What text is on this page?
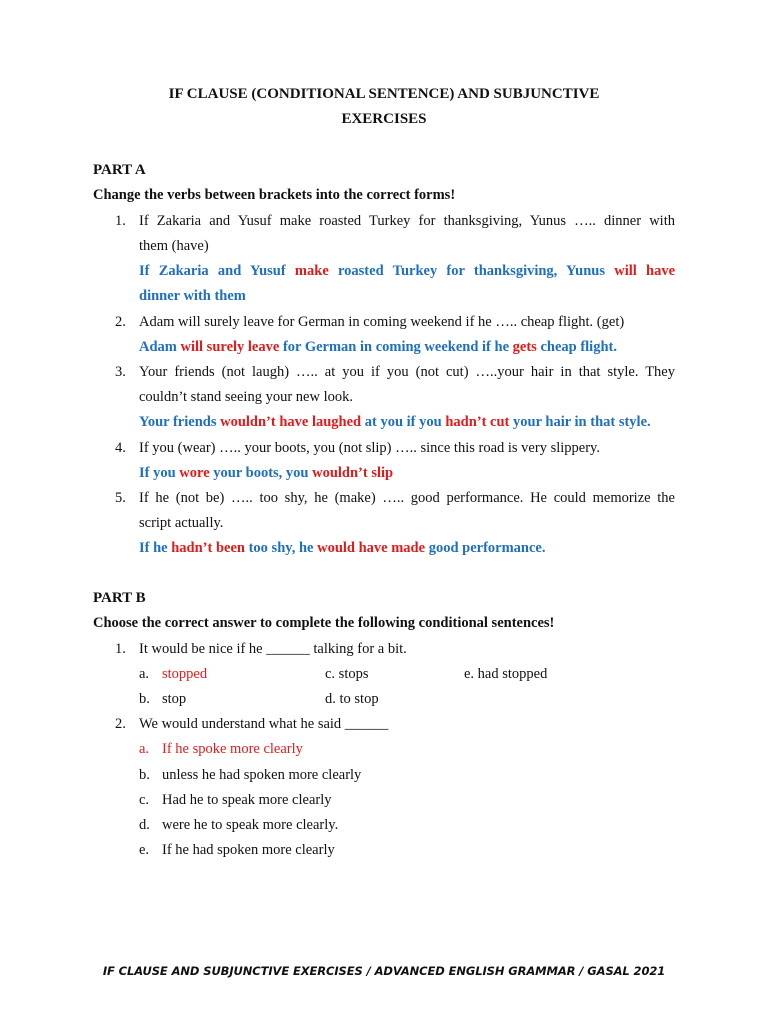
IF CLAUSE (CONDITIONAL SENTENCE) AND SUBJUNCTIVE
EXERCISES
PART A
Change the verbs between brackets into the correct forms!
1. If Zakaria and Yusuf make roasted Turkey for thanksgiving, Yunus ….. dinner with
them (have)
If Zakaria and Yusuf make roasted Turkey for thanksgiving, Yunus will have
dinner with them
2. Adam will surely leave for German in coming weekend if he ….. cheap flight. (get)
Adam will surely leave for German in coming weekend if he gets cheap flight.
3. Your friends (not laugh) ….. at you if you (not cut) …..your hair in that style. They
couldn’t stand seeing your new look.
Your friends wouldn’t have laughed at you if you hadn’t cut your hair in that style.
4. If you (wear) ….. your boots, you (not slip) ….. since this road is very slippery.
If you wore your boots, you wouldn’t slip
5. If he (not be) ….. too shy, he (make) ….. good performance. He could memorize the
script actually.
If he hadn’t been too shy, he would have made good performance.
PART B
Choose the correct answer to complete the following conditional sentences!
1. It would be nice if he ______ talking for a bit.
a. stopped	c. stops	e. had stopped
b. stop	d. to stop
2. We would understand what he said ______
a. If he spoke more clearly
b. unless he had spoken more clearly
c. Had he to speak more clearly
d. were he to speak more clearly.
e. If he had spoken more clearly
IF CLAUSE AND SUBJUNCTIVE EXERCISES / ADVANCED ENGLISH GRAMMAR / GASAL 2021
